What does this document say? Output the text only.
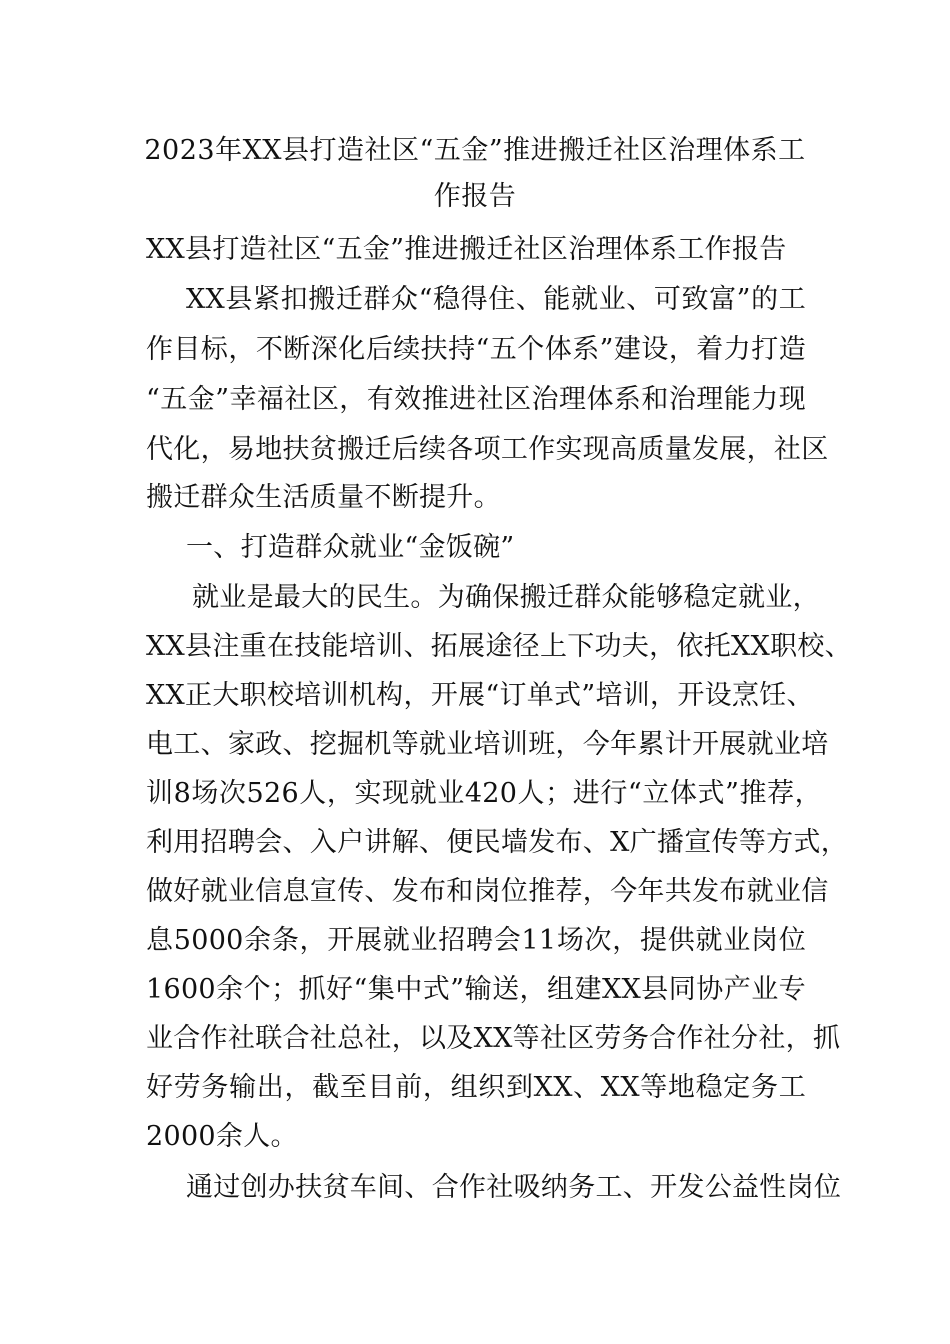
2023年XX县打造社区“五金”推进搬迁社区治理体系工
作报告
XX县打造社区“五金”推进搬迁社区治理体系工作报告
XX县紧扣搬迁群众“稳得住、能就业、可致富”的工
作目标，不断深化后续扶持“五个体系”建设，着力打造
“五金”幸福社区，有效推进社区治理体系和治理能力现
代化，易地扶贫搬迁后续各项工作实现高质量发展，社区
搬迁群众生活质量不断提升。
一、打造群众就业“金饭碗”
就业是最大的民生。为确保搬迁群众能够稳定就业，
XX县注重在技能培训、拓展途径上下功夫，依托XX职校、
XX正大职校培训机构，开展“订单式”培训，开设烹饪、
电工、家政、挖掘机等就业培训班，今年累计开展就业培
训8场次526人，实现就业420人；进行“立体式”推荐，
利用招聘会、入户讲解、便民墙发布、X广播宣传等方式，
做好就业信息宣传、发布和岗位推荐，今年共发布就业信
息5000余条，开展就业招聘会11场次，提供就业岗位
1600余个；抓好“集中式”输送，组建XX县同协产业专
业合作社联合社总社，以及XX等社区劳务合作社分社，抓
好劳务输出，截至目前，组织到XX、XX等地稳定务工
2000余人。
通过创办扶贫车间、合作社吸纳务工、开发公益性岗位
